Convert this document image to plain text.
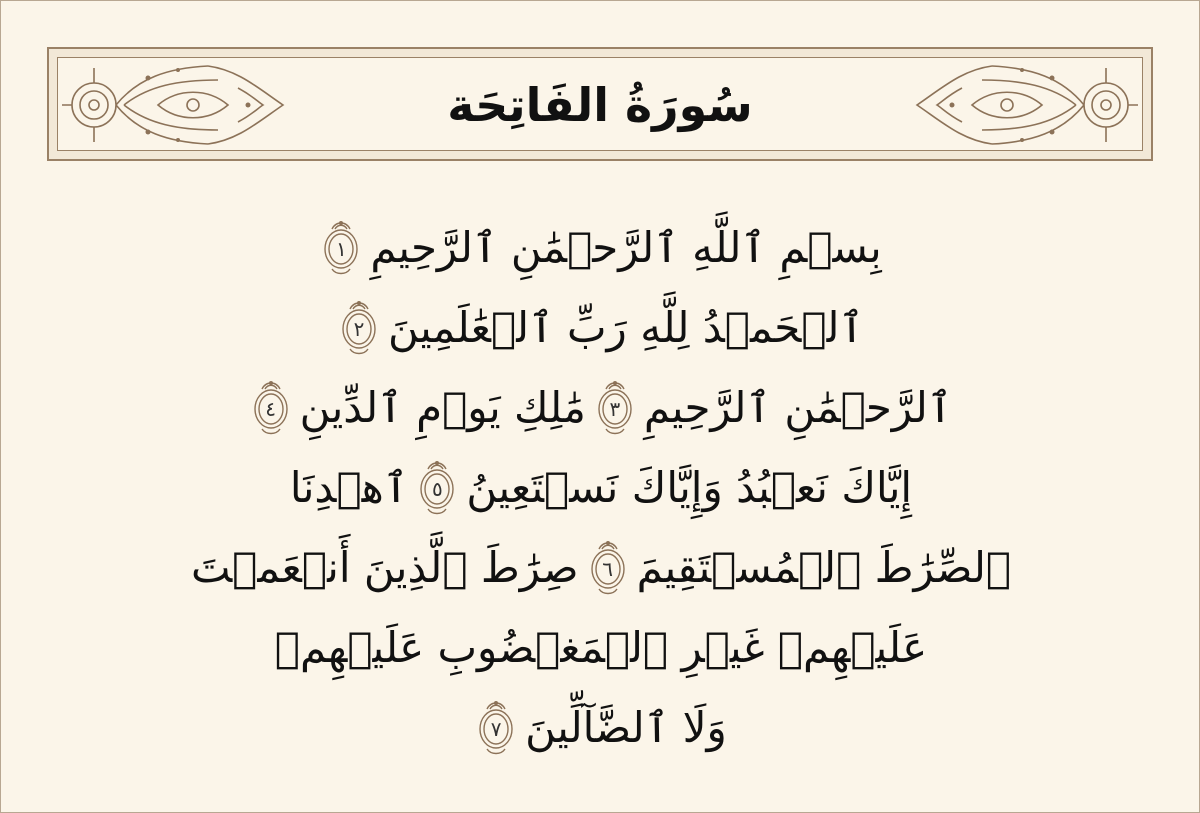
سُورَةُ الفَاتِحَة
بِسۡمِ ٱللَّهِ ٱلرَّحۡمَٰنِ ٱلرَّحِيمِ
١
ٱلۡحَمۡدُ لِلَّهِ رَبِّ ٱلۡعَٰلَمِينَ
٢
ٱلرَّحۡمَٰنِ ٱلرَّحِيمِ
٣
مَٰلِكِ يَوۡمِ ٱلدِّينِ
٤
إِيَّاكَ نَعۡبُدُ وَإِيَّاكَ نَسۡتَعِينُ
٥
ٱهۡدِنَا
ٱلصِّرَٰطَ ٱلۡمُسۡتَقِيمَ
٦
صِرَٰطَ ٱلَّذِينَ أَنۡعَمۡتَ
عَلَيۡهِمۡ غَيۡرِ ٱلۡمَغۡضُوبِ عَلَيۡهِمۡ
وَلَا ٱلضَّآلِّينَ
٧
